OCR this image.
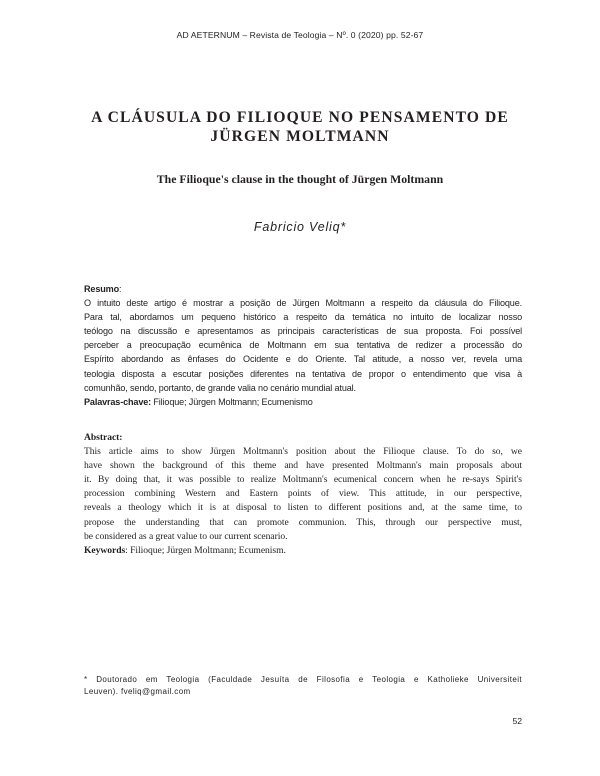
AD AETERNUM – Revista de Teologia – Nº. 0 (2020) pp. 52-67
A CLÁUSULA DO FILIOQUE NO PENSAMENTO DE
JÜRGEN MOLTMANN
The Filioque's clause in the thought of Jürgen Moltmann
Fabricio Veliq*
Resumo:
O intuito deste artigo é mostrar a posição de Jürgen Moltmann a respeito da cláusula do Filioque.
Para tal, abordamos um pequeno histórico a respeito da temática no intuito de localizar nosso
teólogo na discussão e apresentamos as principais características de sua proposta. Foi possível
perceber a preocupação ecumênica de Moltmann em sua tentativa de redizer a processão do
Espírito abordando as ênfases do Ocidente e do Oriente. Tal atitude, a nosso ver, revela uma
teologia disposta a escutar posições diferentes na tentativa de propor o entendimento que visa à
comunhão, sendo, portanto, de grande valia no cenário mundial atual.
Palavras-chave: Filioque; Jürgen Moltmann; Ecumenismo
Abstract:
This article aims to show Jürgen Moltmann's position about the Filioque clause. To do so, we
have shown the background of this theme and have presented Moltmann's main proposals about
it. By doing that, it was possible to realize Moltmann's ecumenical concern when he re-says Spirit's
procession combining Western and Eastern points of view. This attitude, in our perspective,
reveals a theology which it is at disposal to listen to different positions and, at the same time, to
propose the understanding that can promote communion. This, through our perspective must,
be considered as a great value to our current scenario.
Keywords: Filioque; Jürgen Moltmann; Ecumenism.
* Doutorado em Teologia (Faculdade Jesuíta de Filosofia e Teologia e Katholieke Universiteit
Leuven). fveliq@gmail.com
52
